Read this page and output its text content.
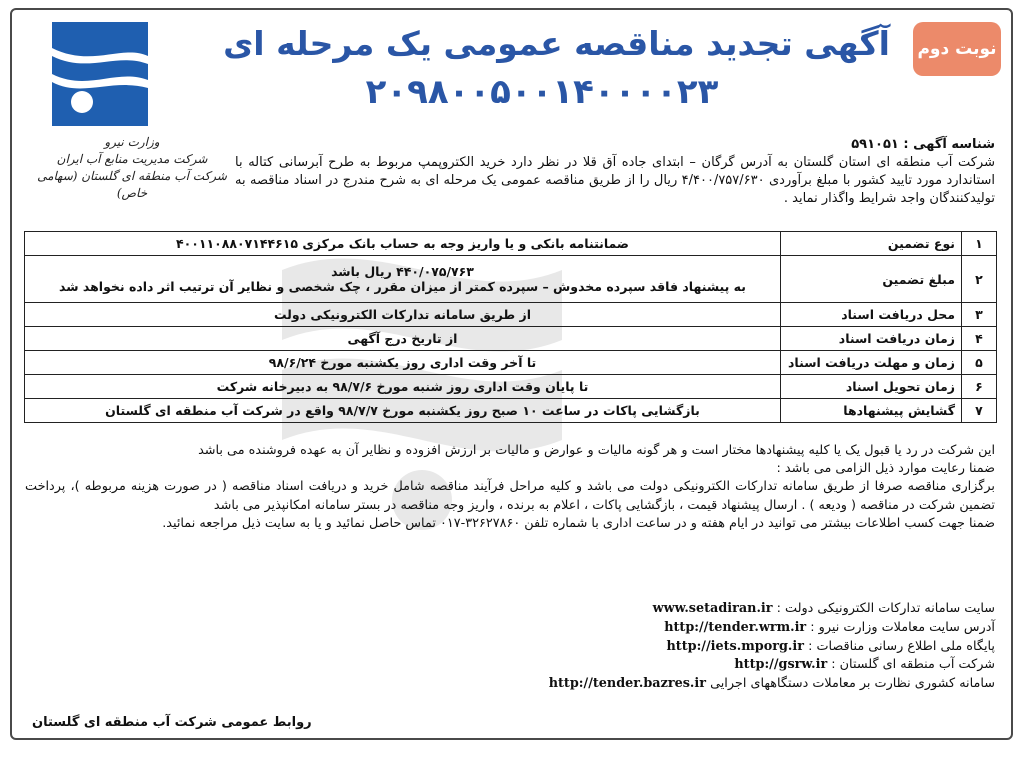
نوبت دوم
آگهی تجدید مناقصه عمومی یک مرحله ای
۲۰۹۸۰۰۵۰۰۱۴۰۰۰۰۲۳
وزارت نیرو
شرکت مدیریت منابع آب ایران
شرکت آب منطقه ای گلستان (سهامی خاص)
شناسه آگهی : ۵۹۱۰۵۱
شرکت آب منطقه ای استان گلستان به آدرس گرگان – ابتدای جاده آق قلا در نظر دارد خرید الکتروپمپ مربوط به طرح آبرسانی کتاله با استاندارد مورد تایید کشور با مبلغ برآوردی ۴/۴۰۰/۷۵۷/۶۳۰ ریال را از طریق مناقصه عمومی یک مرحله ای به شرح مندرج در اسناد مناقصه به تولیدکنندگان واجد شرایط واگذار نماید .
۱	نوع تضمین	ضمانتنامه بانکی و یا واریز وجه به حساب بانک مرکزی ۴۰۰۱۱۰۸۸۰۷۱۴۴۶۱۵
۲	مبلغ تضمین	۴۴۰/۰۷۵/۷۶۳ ریال باشد
به پیشنهاد فاقد سپرده مخدوش – سپرده کمتر از میزان مقرر ، چک شخصی و نظایر آن ترتیب اثر داده نخواهد شد

۳	محل دریافت اسناد	از طریق سامانه تدارکات الکترونیکی دولت
۴	زمان دریافت اسناد	از تاریخ درج آگهی
۵	زمان و مهلت دریافت اسناد	تا آخر وقت اداری روز یکشنبه مورخ ۹۸/۶/۲۴
۶	زمان تحویل اسناد	تا پایان وقت اداری روز شنبه مورخ ۹۸/۷/۶ به دبیرخانه شرکت
۷	گشایش پیشنهادها	بازگشایی پاکات در ساعت ۱۰ صبح روز یکشنبه مورخ ۹۸/۷/۷ واقع در شرکت آب منطقه ای گلستان

این شرکت در رد یا قبول یک یا کلیه پیشنهادها مختار است و هر گونه مالیات و عوارض و مالیات بر ارزش افزوده و نظایر آن به عهده فروشنده می باشد

ضمنا رعایت موارد ذیل الزامی می باشد :

برگزاری مناقصه صرفا از طریق سامانه تدارکات الکترونیکی دولت می باشد و کلیه مراحل فرآیند مناقصه شامل خرید و دریافت اسناد مناقصه ( در صورت هزینه مربوطه )، پرداخت تضمین شرکت در مناقصه ( ودیعه ) . ارسال پیشنهاد قیمت ، بازگشایی پاکات ، اعلام به برنده ، واریز وجه مناقصه در بستر سامانه امکانپذیر می باشد

ضمنا جهت کسب اطلاعات بیشتر می توانید در ایام هفته و در ساعت اداری با شماره تلفن ۳۲۶۲۷۸۶۰-۰۱۷ تماس حاصل نمائید و یا به سایت ذیل مراجعه نمائید.

سایت سامانه تدارکات الکترونیکی دولت : www.setadiran.ir
آدرس سایت معاملات وزارت نیرو : http://tender.wrm.ir
پایگاه ملی اطلاع رسانی مناقصات : http://iets.mporg.ir
شرکت آب منطقه ای گلستان : http://gsrw.ir
سامانه کشوری نظارت بر معاملات دستگاههای اجرایی http://tender.bazres.ir
روابط عمومی شرکت آب منطقه ای گلستان
